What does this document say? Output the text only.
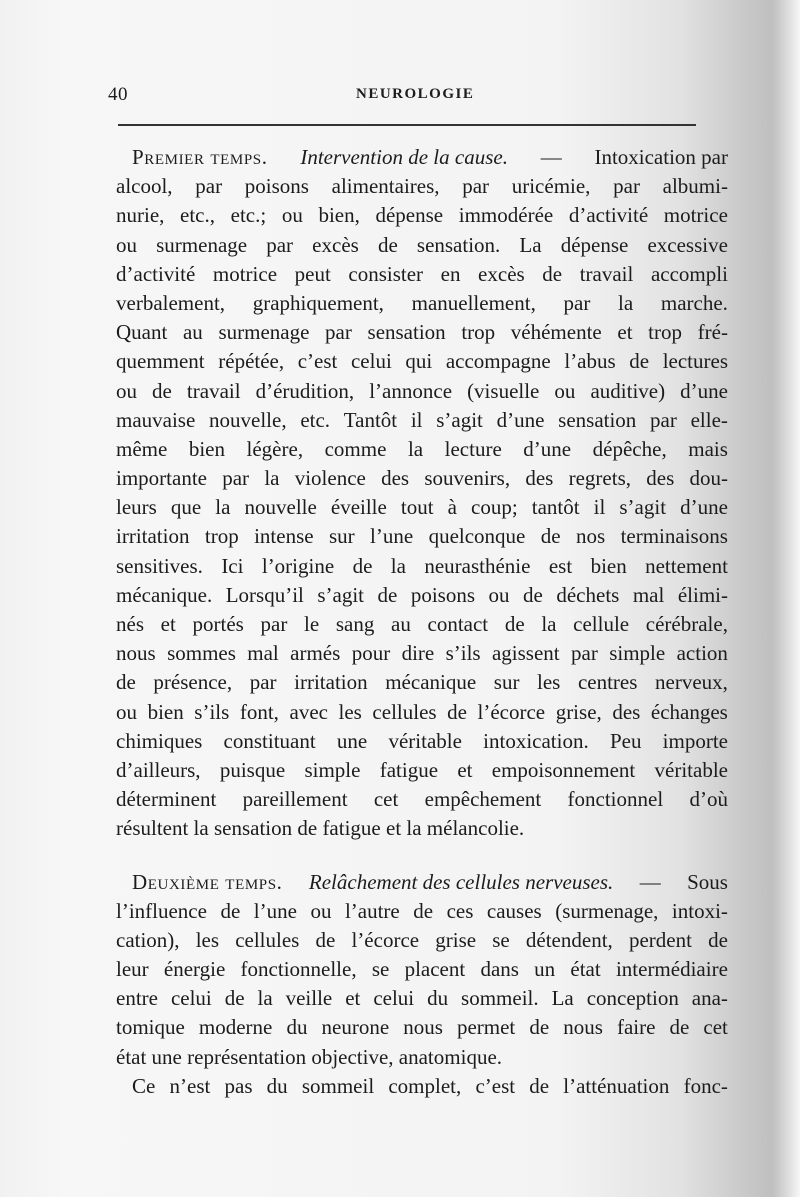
40	NEUROLOGIE
Premier temps. Intervention de la cause. — Intoxication par
alcool, par poisons alimentaires, par uricémie, par albumi-
nurie, etc., etc.; ou bien, dépense immodérée d’activité motrice
ou surmenage par excès de sensation. La dépense excessive
d’activité motrice peut consister en excès de travail accompli
verbalement, graphiquement, manuellement, par la marche.
Quant au surmenage par sensation trop véhémente et trop fré-
quemment répétée, c’est celui qui accompagne l’abus de lectures
ou de travail d’érudition, l’annonce (visuelle ou auditive) d’une
mauvaise nouvelle, etc. Tantôt il s’agit d’une sensation par elle-
même bien légère, comme la lecture d’une dépêche, mais
importante par la violence des souvenirs, des regrets, des dou-
leurs que la nouvelle éveille tout à coup; tantôt il s’agit d’une
irritation trop intense sur l’une quelconque de nos terminaisons
sensitives. Ici l’origine de la neurasthénie est bien nettement
mécanique. Lorsqu’il s’agit de poisons ou de déchets mal élimi-
nés et portés par le sang au contact de la cellule cérébrale,
nous sommes mal armés pour dire s’ils agissent par simple action
de présence, par irritation mécanique sur les centres nerveux,
ou bien s’ils font, avec les cellules de l’écorce grise, des échanges
chimiques constituant une véritable intoxication. Peu importe
d’ailleurs, puisque simple fatigue et empoisonnement véritable
déterminent pareillement cet empêchement fonctionnel d’où
résultent la sensation de fatigue et la mélancolie.
Deuxième temps. Relâchement des cellules nerveuses. — Sous
l’influence de l’une ou l’autre de ces causes (surmenage, intoxi-
cation), les cellules de l’écorce grise se détendent, perdent de
leur énergie fonctionnelle, se placent dans un état intermédiaire
entre celui de la veille et celui du sommeil. La conception ana-
tomique moderne du neurone nous permet de nous faire de cet
état une représentation objective, anatomique.
Ce n’est pas du sommeil complet, c’est de l’atténuation fonc-
